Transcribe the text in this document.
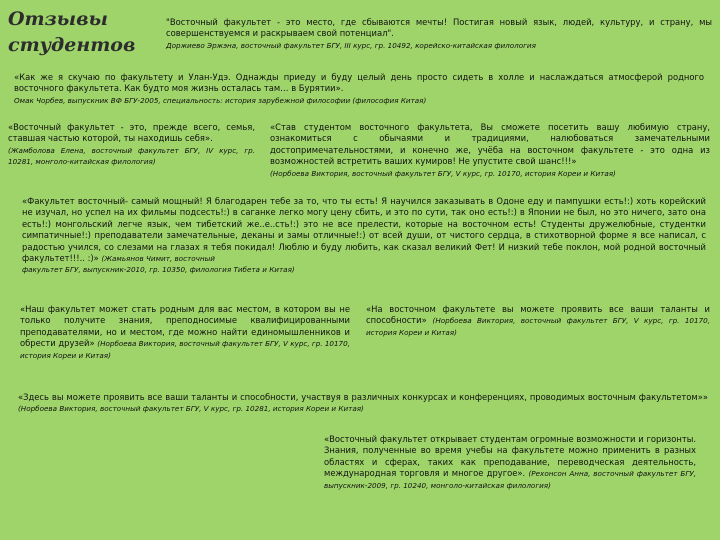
Отзывы
студентов
"Восточный факультет - это место, где сбываются мечты! Постигая новый язык, людей, культуру, и страну, мы совершенствуемся и раскрываем свой потенциал".
Доржиево Эржэна, восточный факультет БГУ, III курс, гр. 10492, корейско-китайская филология
«Как же я скучаю по факультету и Улан-Удэ. Однажды приеду и буду целый день просто сидеть в холле и наслаждаться атмосферой родного восточного факультета. Как будто моя жизнь осталась там… в Бурятии».
Омак Чорбев, выпускник ВФ БГУ-2005, специальность: история зарубежной философии (философия Китая)
«Восточный факультет - это, прежде всего, семья, ставшая частью которой, ты находишь себя».
(Жамболова Елена, восточный факультет БГУ, IV курс, гр. 10281, монголо-китайская филология)
«Став студентом восточного факультета, Вы сможете посетить вашу любимую страну, ознакомиться с обычаями и традициями, налюбоваться замечательными достопримечательностями, и конечно же, учёба на восточном факультете - это одна из возможностей встретить ваших кумиров! Не упустите свой шанс!!!»
(Норбоева Виктория, восточный факультет БГУ, V курс, гр. 10170, история Кореи и Китая)
«Факультет восточный- самый мощный! Я благодарен тебе за то, что ты есть! Я научился заказывать в Одоне еду и пампушки есть!:) хоть корейский не изучал, но успел на их фильмы подсесть!:) в саганке легко могу цену сбить, и это по сути, так оно есть!:) в Японии не был, но это ничего, зато она есть!:) монгольский легче язык, чем тибетский же..е..сть!:) это не все прелести, которые на восточном есть! Студенты дружелюбные, студентки симпатичные!:) преподаватели замечательные, деканы и замы отличные!:) от всей души, от чистого сердца, в стихотворной форме я все написал, с радостью учился, со слезами на глазах я тебя покидал! Люблю и буду любить, как сказал великий Фет! И низкий тебе поклон, мой родной восточный факультет!!!.. :)» (Жамьянов Чимит, восточный
факультет БГУ, выпускник-2010, гр. 10350, филология Тибета и Китая)
«Наш факультет может стать родным для вас местом, в котором вы не только получите знания, преподносимые квалифицированными преподавателями, но и местом, где можно найти единомышленников и обрести друзей» (Норбоева Виктория, восточный факультет БГУ, V курс, гр. 10170, история Кореи и Китая)
«На восточном факультете вы можете проявить все ваши таланты и способности» (Норбоева Виктория, восточный факультет БГУ, V курс, гр. 10170, история Кореи и Китая)
«Здесь вы можете проявить все ваши таланты и способности, участвуя в различных конкурсах и конференциях, проводимых восточным факультетом»» (Норбоева Виктория, восточный факультет БГУ, V курс, гр. 10281, история Кореи и Китая)
«Восточный факультет открывает студентам огромные возможности и горизонты. Знания, полученные во время учебы на факультете можно применить в разных областях и сферах, таких как преподавание, переводческая деятельность, международная торговля и многое другое». (Рехонсон Анна, восточный факультет БГУ, выпускник-2009, гр. 10240, монголо-китайская филология)
